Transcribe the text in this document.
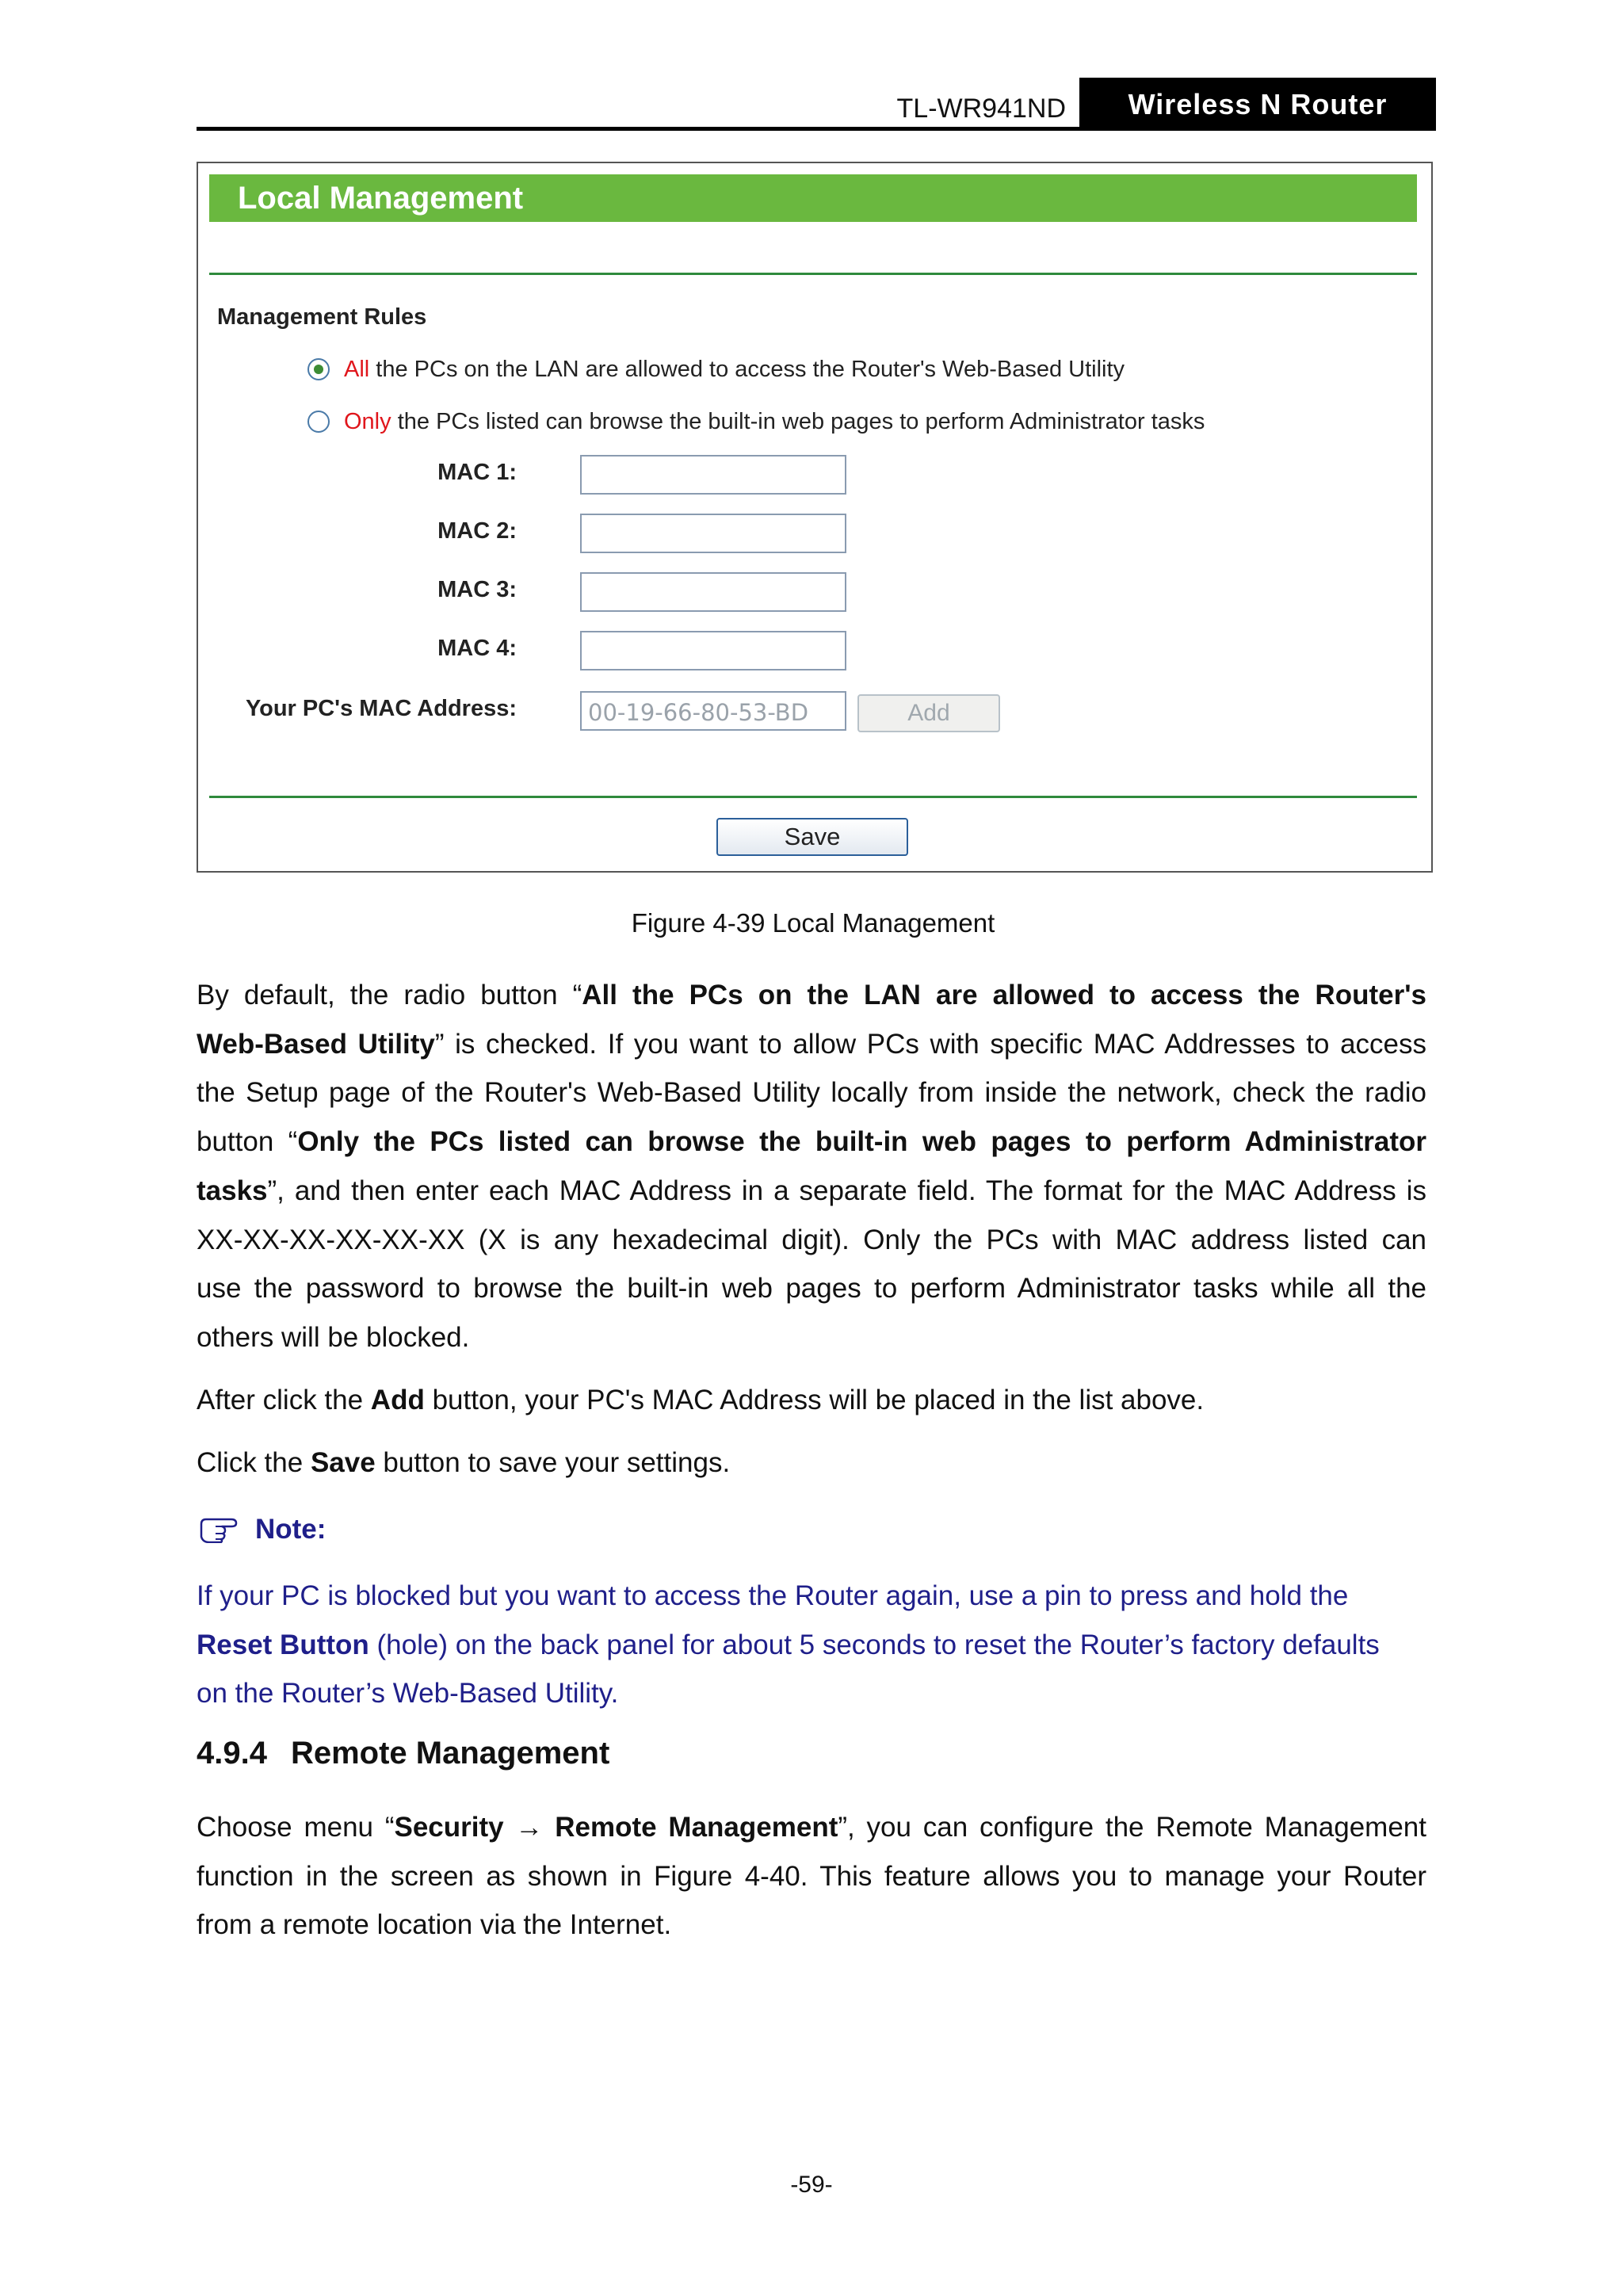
TL-WR941ND	Wireless N Router
Local Management
Management Rules
All the PCs on the LAN are allowed to access the Router's Web-Based Utility
Only the PCs listed can browse the built-in web pages to perform Administrator tasks
MAC 1:
MAC 2:
MAC 3:
MAC 4:
Your PC's MAC Address:	00-19-66-80-53-BD	Add
Save
Figure 4-39 Local Management
By default, the radio button “All the PCs on the LAN are allowed to access the Router's
Web-Based Utility” is checked. If you want to allow PCs with specific MAC Addresses to access
the Setup page of the Router's Web-Based Utility locally from inside the network, check the radio
button “Only the PCs listed can browse the built-in web pages to perform Administrator
tasks”, and then enter each MAC Address in a separate field. The format for the MAC Address is
XX-XX-XX-XX-XX-XX (X is any hexadecimal digit). Only the PCs with MAC address listed can
use the password to browse the built-in web pages to perform Administrator tasks while all the
others will be blocked.
After click the Add button, your PC's MAC Address will be placed in the list above.
Click the Save button to save your settings.
Note:
If your PC is blocked but you want to access the Router again, use a pin to press and hold the
Reset Button (hole) on the back panel for about 5 seconds to reset the Router’s factory defaults
on the Router’s Web-Based Utility.
4.9.4 Remote Management
Choose menu “Security → Remote Management”, you can configure the Remote Management
function in the screen as shown in Figure 4-40. This feature allows you to manage your Router
from a remote location via the Internet.
-59-
